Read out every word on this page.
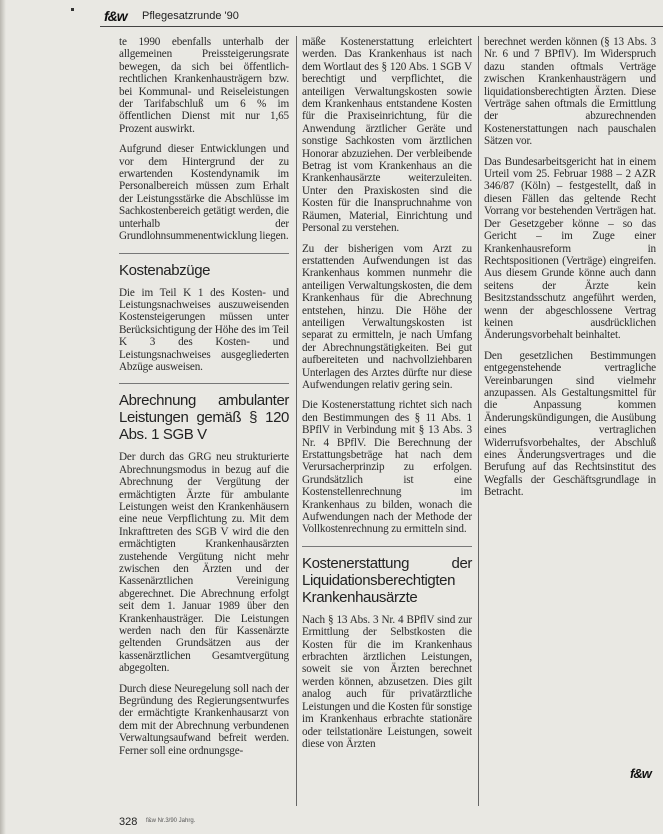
f&w Pflegesatzrunde '90

te 1990 ebenfalls unterhalb der allgemeinen Preissteigerungsrate bewegen, da sich bei öffentlich-rechtlichen Krankenhausträgern bzw. bei Kommunal- und Reiseleistungen der Tarifabschluß um 6 % im öffentlichen Dienst mit nur 1,65 Prozent auswirkt.

Aufgrund dieser Entwicklungen und vor dem Hintergrund der zu erwartenden Kostendynamik im Personalbereich müssen zum Erhalt der Leistungsstärke die Abschlüsse im Sachkostenbereich getätigt werden, die unterhalb der Grundlohnsummenentwicklung liegen.

Kostenabzüge

Die im Teil K 1 des Kosten- und Leistungsnachweises auszuweisenden Kostensteigerungen müssen unter Berücksichtigung der Höhe des im Teil K 3 des Kosten- und Leistungsnachweises ausgegliederten Abzüge ausweisen.

Abrechnung ambulanter Leistungen gemäß § 120 Abs. 1 SGB V

Der durch das GRG neu strukturierte Abrechnungsmodus in bezug auf die Abrechnung der Vergütung der ermächtigten Ärzte für ambulante Leistungen weist den Krankenhäusern eine neue Verpflichtung zu. Mit dem Inkrafttreten des SGB V wird die den ermächtigten Krankenhausärzten zustehende Vergütung nicht mehr zwischen den Ärzten und der Kassenärztlichen Vereinigung abgerechnet. Die Abrechnung erfolgt seit dem 1. Januar 1989 über den Krankenhausträger. Die Leistungen werden nach den für Kassenärzte geltenden Grundsätzen aus der kassenärztlichen Gesamtvergütung abgegolten.

Durch diese Neuregelung soll nach der Begründung des Regierungsentwurfes der ermächtigte Krankenhausarzt von dem mit der Abrechnung verbundenen Verwaltungsaufwand befreit werden. Ferner soll eine ordnungsge-

mäße Kostenerstattung erleichtert werden. Das Krankenhaus ist nach dem Wortlaut des § 120 Abs. 1 SGB V berechtigt und verpflichtet, die anteiligen Verwaltungskosten sowie dem Krankenhaus entstandene Kosten für die Praxiseinrichtung, für die Anwendung ärztlicher Geräte und sonstige Sachkosten vom ärztlichen Honorar abzuziehen. Der verbleibende Betrag ist vom Krankenhaus an die Krankenhausärzte weiterzuleiten. Unter den Praxiskosten sind die Kosten für die Inanspruchnahme von Räumen, Material, Einrichtung und Personal zu verstehen.

Zu der bisherigen vom Arzt zu erstattenden Aufwendungen ist das Krankenhaus kommen nunmehr die anteiligen Verwaltungskosten, die dem Krankenhaus für die Abrechnung entstehen, hinzu. Die Höhe der anteiligen Verwaltungskosten ist separat zu ermitteln, je nach Umfang der Abrechnungstätigkeiten. Bei gut aufbereiteten und nachvollziehbaren Unterlagen des Arztes dürfte nur diese Aufwendungen relativ gering sein.

Die Kostenerstattung richtet sich nach den Bestimmungen des § 11 Abs. 1 BPflV in Verbindung mit § 13 Abs. 3 Nr. 4 BPflV. Die Berechnung der Erstattungsbeträge hat nach dem Verursacherprinzip zu erfolgen. Grundsätzlich ist eine Kostenstellenrechnung im Krankenhaus zu bilden, wonach die Aufwendungen nach der Methode der Vollkostenrechnung zu ermitteln sind.

Kostenerstattung der Liquidationsberechtigten Krankenhausärzte

Nach § 13 Abs. 3 Nr. 4 BPflV sind zur Ermittlung der Selbstkosten die Kosten für die im Krankenhaus erbrachten ärztlichen Leistungen, soweit sie von Ärzten berechnet werden können, abzusetzen. Dies gilt analog auch für privatärztliche Leistungen und die Kosten für sonstige im Krankenhaus erbrachte stationäre oder teilstationäre Leistungen, soweit diese von Ärzten

berechnet werden können (§ 13 Abs. 3 Nr. 6 und 7 BPflV). Im Widerspruch dazu standen oftmals Verträge zwischen Krankenhausträgern und liquidationsberechtigten Ärzten. Diese Verträge sahen oftmals die Ermittlung der abzurechnenden Kostenerstattungen nach pauschalen Sätzen vor.

Das Bundesarbeitsgericht hat in einem Urteil vom 25. Februar 1988 – 2 AZR 346/87 (Köln) – festgestellt, daß in diesen Fällen das geltende Recht Vorrang vor bestehenden Verträgen hat. Der Gesetzgeber könne – so das Gericht – im Zuge einer Krankenhausreform in Rechtspositionen (Verträge) eingreifen. Aus diesem Grunde könne auch dann seitens der Ärzte kein Besitzstandsschutz angeführt werden, wenn der abgeschlossene Vertrag keinen ausdrücklichen Änderungsvorbehalt beinhaltet.

Den gesetzlichen Bestimmungen entgegenstehende vertragliche Vereinbarungen sind vielmehr anzupassen. Als Gestaltungsmittel für die Anpassung kommen Änderungskündigungen, die Ausübung eines vertraglichen Widerrufsvorbehaltes, der Abschluß eines Änderungsvertrages und die Berufung auf das Rechtsinstitut des Wegfalls der Geschäftsgrundlage in Betracht.

f&w
328 f&w Nr.3/90 Jahrg.
